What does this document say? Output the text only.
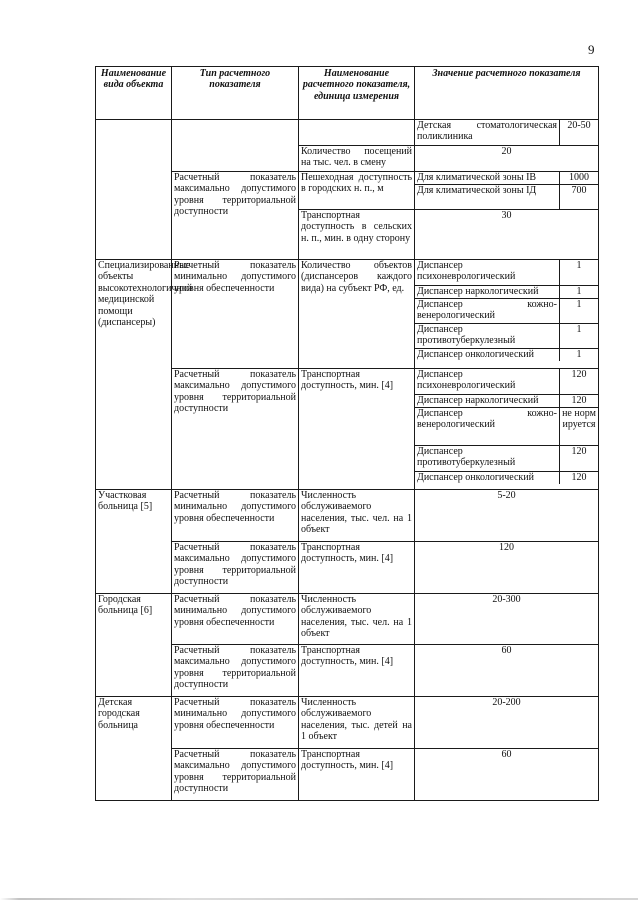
9
Наименование вида объекта	Тип расчетного показателя	Наименование расчетного показателя, единица измерения	Значение расчетного показателя

Детская стоматологическая поликлиника	20-50

Количество посещений на тыс. чел. в смену	20
Расчетный показатель максимально допустимого уровня территориальной доступности	Пешеходная доступность в городских н. п., м	
Для климатической зоны IB	1000
Для климатической зоны IД	700

Транспортная доступность в сельских н. п., мин. в одну сторону	30
Специализированные объекты высокотехнологичной медицинской помощи (диспансеры)	Расчетный показатель минимально допустимого уровня обеспеченности	Количество объектов (диспансеров каждого вида) на субъект РФ, ед.	
Диспансер психоневрологический	1
Диспансер наркологический	1
Диспансер кожно-венерологический	1
Диспансер противотуберкулезный	1
Диспансер онкологический	1

Расчетный показатель максимально допустимого уровня территориальной доступности	Транспортная доступность, мин. [4]	
Диспансер психоневрологический	120
Диспансер наркологический	120
Диспансер кожно-венерологический	не нормируется
Диспансер противотуберкулезный	120
Диспансер онкологический	120

Участковая больница [5]	Расчетный показатель минимально допустимого уровня обеспеченности	Численность обслуживаемого населения, тыс. чел. на 1 объект	5-20
Расчетный показатель максимально допустимого уровня территориальной доступности	Транспортная доступность, мин. [4]	120
Городская больница [6]	Расчетный показатель минимально допустимого уровня обеспеченности	Численность обслуживаемого населения, тыс. чел. на 1 объект	20-300
Расчетный показатель максимально допустимого уровня территориальной доступности	Транспортная доступность, мин. [4]	60
Детская городская больница	Расчетный показатель минимально допустимого уровня обеспеченности	Численность обслуживаемого населения, тыс. детей на 1 объект	20-200
Расчетный показатель максимально допустимого уровня территориальной доступности	Транспортная доступность, мин. [4]	60
